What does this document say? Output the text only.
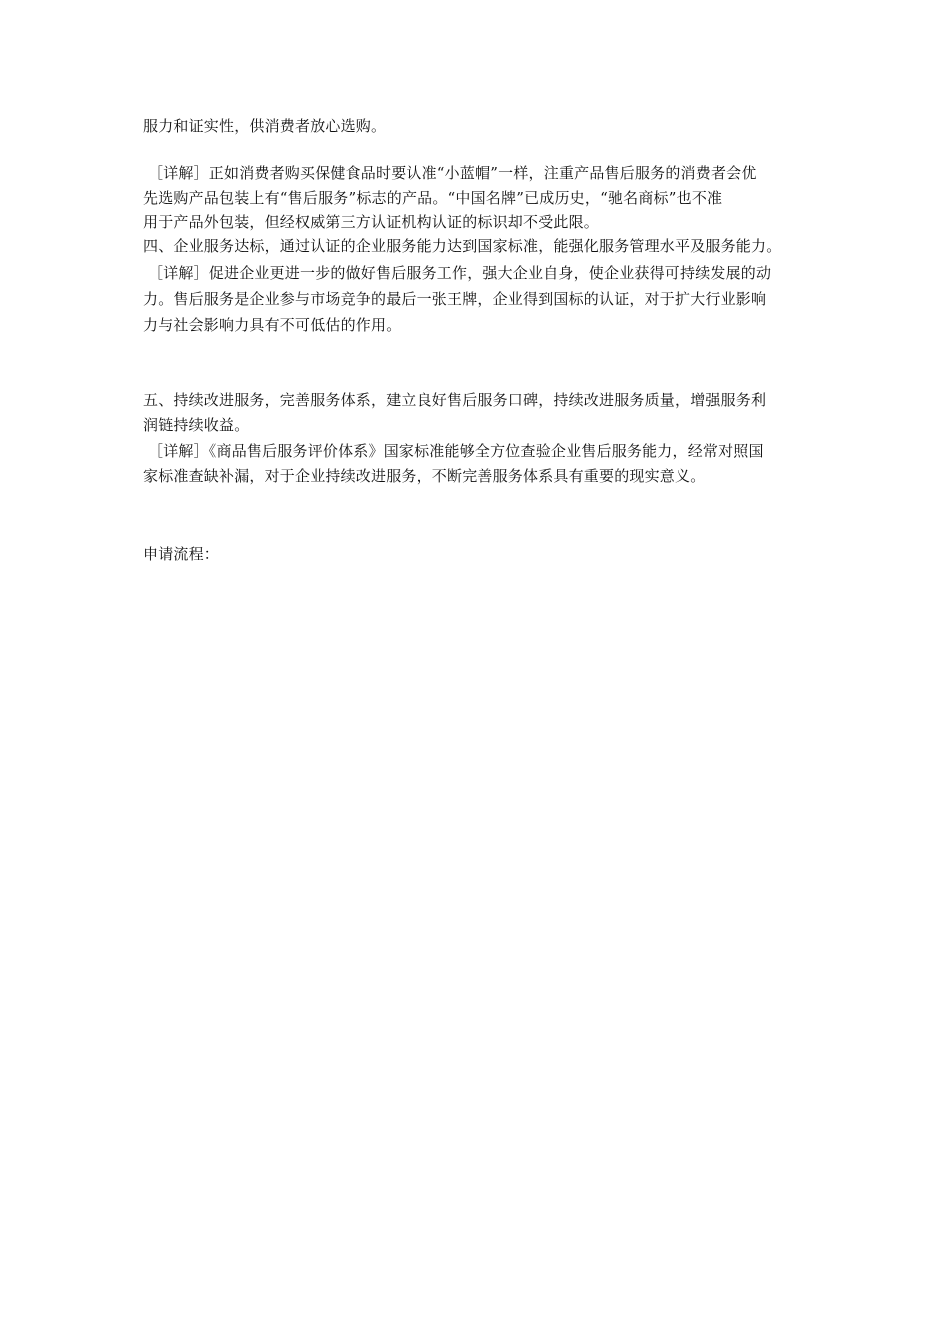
服力和证实性，供消费者放心选购。
［详解］正如消费者购买保健食品时要认准“小蓝帽”一样，注重产品售后服务的消费者会优
先选购产品包装上有“售后服务”标志的产品。“中国名牌”已成历史，“驰名商标”也不准
用于产品外包装，但经权威第三方认证机构认证的标识却不受此限。
四、企业服务达标，通过认证的企业服务能力达到国家标准，能强化服务管理水平及服务能力。
［详解］促进企业更进一步的做好售后服务工作，强大企业自身，使企业获得可持续发展的动
力。售后服务是企业参与市场竞争的最后一张王牌，企业得到国标的认证，对于扩大行业影响
力与社会影响力具有不可低估的作用。
五、持续改进服务，完善服务体系，建立良好售后服务口碑，持续改进服务质量，增强服务利
润链持续收益。
［详解］《商品售后服务评价体系》国家标准能够全方位查验企业售后服务能力，经常对照国
家标准查缺补漏，对于企业持续改进服务，不断完善服务体系具有重要的现实意义。
申请流程：
